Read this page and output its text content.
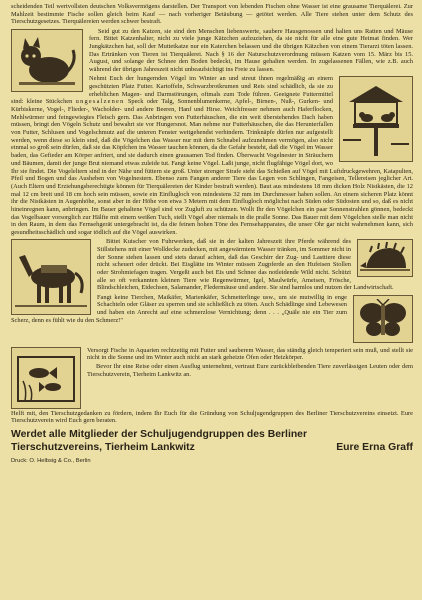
scheidenden Teil wertvollsten deutschen Volksvermögens darstellen. Der Transport von lebenden Fischen ohne Wasser ist eine grausame Tierquälerei. Zur Mahlzeit bestimmte Fische sollen gleich beim Kauf — nach vorheriger Betäubung — getötet werden. Alle Tiere stehen unter dem Schutz des Tierschutzgesetzes. Tierquälereien werden schwer bestraft.

Seid gut zu den Katzen, sie sind den Menschen liebenswerte, saubere Hausgenossen und halten uns Ratten und Mäuse fern. Bittet Katzenhalter, nicht zu viele junge Kätzchen aufzuziehen, da sie nicht für alle eine gute Heimat finden. Wer Jungkätzchen hat, soll der Muttetkatze nur ein Katerchen belassen und die übrigen Kätzchen von einem Tierarzt töten lassen. Das Ertränken von Tieren ist Tierquälerei. Nach § 16 der Naturschutzverordnung müssen Katzen vom 15. März bis 15. August, und solange der Schnee den Boden bedeckt, im Hause gehalten werden. In zugelassenen Fällen, wie z.B. auch während der übrigen Jahreszeit nicht unbeaufsichtigt ins Freie zu lassen.

Nehmt Euch der hungernden Vögel im Winter an und streut ihnen regelmäßig an einem geschützten Platz Futter. Kartoffeln, Schwarzbrotkrumen und Reis sind schädlich, da sie zu erheblichen Magen- und Darmstörungen, oftmals zum Tode führen. Geeignete Futtermittel sind: kleine Stückchen ungesalzenen Speck oder Talg, Sonnenblumenkerne, Apfel-, Birnen-, Nuß-, Gurken- und Kürbiskerne, Vogel-, Flieder-, Wacholder- und andere Beeren, Hanf und Hirse. Weichfresser nehmen auch Haferflocken, Mehlwürmer und feingewiegtes Fleisch gern. Das Anbringen von Futterhäuschen, die ein weit überstehendes Dach haben müssen, bringt den Vögeln Schutz und bewahrt sie vor Hungersnot. Man nehme nur Futterhäuschen, die das Herunterfallen von Futter, Schlusen und Vogelschmutz auf die unteren Fenster weitgehendst verhindern. Trinknäpfe dürfen nur aufgestellt werden, wenn diese so klein sind, daß die Vögelchen das Wasser nur mit dem Schnabel aufzunehmen vermögen, also nicht einmal so groß sein dürfen, daß sie das Köpfchen ins Wasser tauchen können, da die Gefahr besteht, daß die Vögel im Wasser baden, das Gefieder am Körper anfriert, und sie dadurch einen grausamen Tod finden. Überwacht Vogelnester in Sträuchern und Bäumen, damit der junge Brut niemand etwas zuleide tut. Fangt keine Vögel. Laßt junge, nicht flugfähige Vögel dort, wo Ihr sie findet. Die Vogeleltern sind in der Nähe und füttern sie groß. Unter strenger Strafe steht das Schießen auf Vögel mit Luftdruckgewehren, Katapulten, Pfeil und Bogen und das Ausheben von Vogelnestern. Ebenso zum Fangen anderer Tiere das Legen von Schlingen, Fangeisen, Tellereisen jeglicher Art. (Auch Eltern und Erziehungsberechtigte können für Tierquälereien der Kinder bestraft werden). Baut aus mindestens 18 mm dicken Holz Nistkästen, die 12 mal 12 cm breit und 18 cm hoch sein müssen, sowie ein Einflugloch von mindestens 32 mm im Durchmesser haben sollen. An einem sicheren Platz könnt ihr die Nistkästen in Augenhöhe, sonst aber in der Höhe von etwa 3 Metern mit dem Einflugloch möglichst nach Süden oder Südosten und so, daß es nicht hineinregnen kann, anbringen. Im Bauer gehaltene Vögel sind vor Zugluft zu schützen. Wollt Ihr den Vögelchen ein paar Sonnenstrahlen gönnen, bedeckt das Vogelbauer vorsorglich zur Hälfte mit einem weißen Tuch, stellt Vögel aber niemals in die pralle Sonne. Das Bauer mit dem Vögelchen stelle man nicht in den Raum, in dem das Fernsehgerät untergebracht ist, da die feinen hohen Töne des Fernsehapparates, die unser Ohr gar nicht wahrnehmen kann, sich gesundheitsschädlich und sogar tödlich auf die Vögel auswirken.

Bittet Kutscher von Fuhrwerken, daß sie in der kalten Jahreszeit ihre Pferde während des Stillstehens mit einer Wolldecke zudecken, mit angewärmtem Wasser tränken, im Sommer nicht in der Sonne stehen lassen und stets darauf achten, daß das Geschirr der Zug- und Lasttiere diese nicht scheuert oder drückt. Bei Eisglätte im Winter müssen Zugpferde an den Hufeisen Stollen oder Strohmiefagen tragen. Vergeßt auch bei Eis und Schnee das notleidende Wild nicht. Schützt alle so oft verkannten kleinen Tiere wie Regenwürmer, Igel, Maulwürfe, Ameisen, Frösche, Blindschleichen, Eidechsen, Salamander, Fledermäuse und andere. Sie sind harmlos und nutzen der Landwirtschaft.

Fangt keine Tierchen, Maikäfer, Marienkäfer, Schmetterlinge usw., um sie mutwillig in enge Schachteln oder Gläser zu sperren und sie schließlich zu töten. Auch Schädlinge sind Lebewesen und haben ein Anrecht auf eine schmerzlose Vernichtung; denn . . . „Quäle nie ein Tier zum Scherz, denn es fühlt wie du den Schmerz!"

Versorgt Fische in Aquarien rechtzeitig mit Futter und sauberem Wasser, das ständig gleich temperiert sein muß, und stellt sie nicht in die Sonne und im Winter auch nicht an stark geheizte Öfen oder Heizkörper.

Bevor Ihr eine Reise oder einen Ausflug unternehmt, vertraut Eure zurückbleibenden Tiere zuverlässigen Leuten oder dem Tierschutzverein, Tierheim Lankwitz an.

Helft mit, den Tierschutzgedanken zu fördern, indem Ihr Euch für die Gründung von Schuljugendgruppen des Berliner Tierschutzvereins einsetzt. Eure Tierschutzverein wird Euch gern beraten.

Werdet alle Mitglieder der Schuljugendgruppen des Berliner
Tierschutzvereins, Tierheim Lankwitz	Eure Erna Graff
Druck: O. Helbsig & Co., Berlin
